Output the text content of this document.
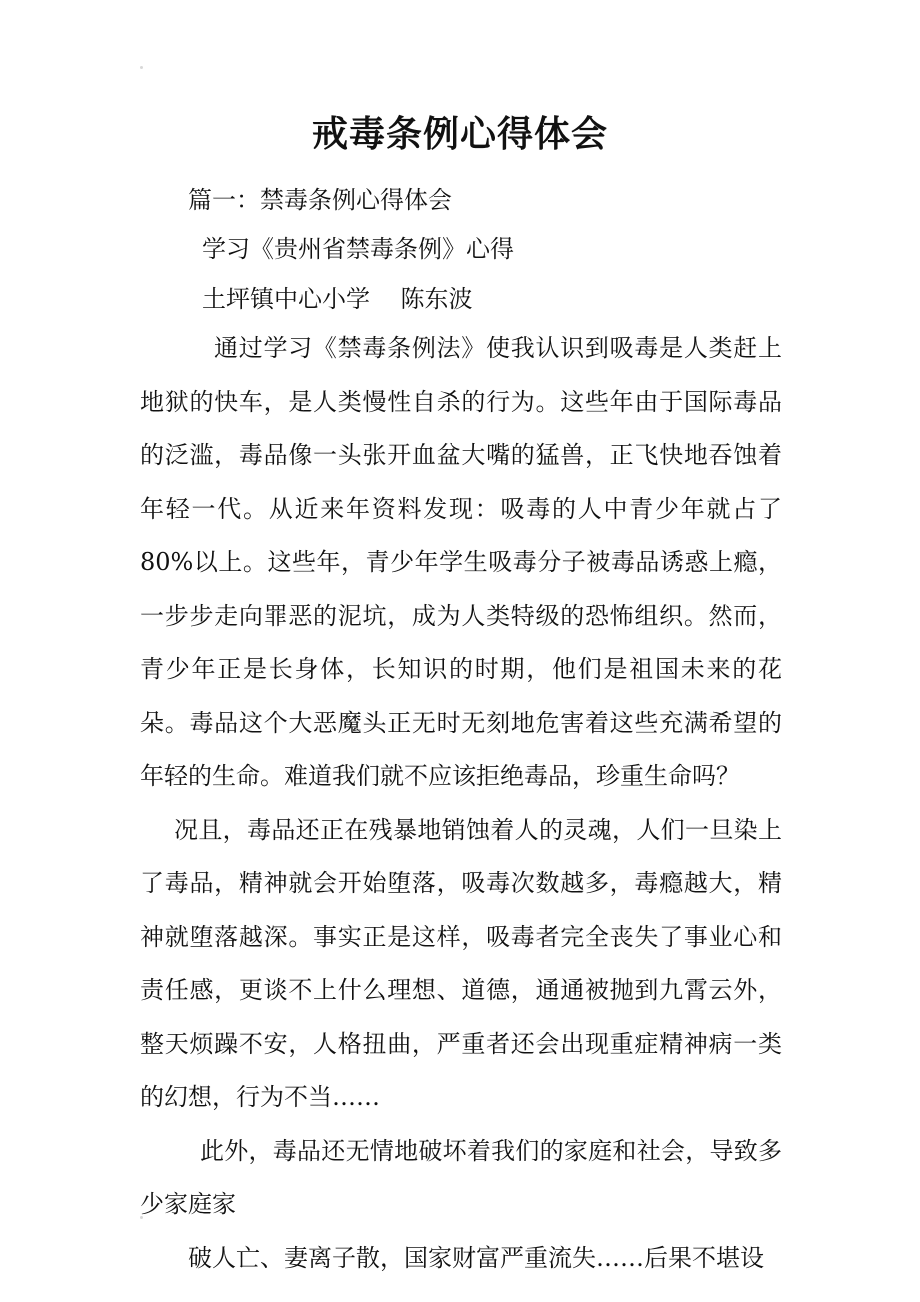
戒毒条例心得体会

篇一：禁毒条例心得体会

学习《贵州省禁毒条例》心得

土坪镇中心小学    陈东波

通过学习《禁毒条例法》使我认识到吸毒是人类赶上地狱的快车，是人类慢性自杀的行为。这些年由于国际毒品的泛滥，毒品像一头张开血盆大嘴的猛兽，正飞快地吞蚀着年轻一代。从近来年资料发现：吸毒的人中青少年就占了 80%以上。这些年，青少年学生吸毒分子被毒品诱惑上瘾，一步步走向罪恶的泥坑，成为人类特级的恐怖组织。然而，青少年正是长身体，长知识的时期，他们是祖国未来的花朵。毒品这个大恶魔头正无时无刻地危害着这些充满希望的年轻的生命。难道我们就不应该拒绝毒品，珍重生命吗？
况且，毒品还正在残暴地销蚀着人的灵魂，人们一旦染上了毒品，精神就会开始堕落，吸毒次数越多，毒瘾越大，精神就堕落越深。事实正是这样，吸毒者完全丧失了事业心和责任感，更谈不上什么理想、道德，通通被抛到九霄云外，整天烦躁不安，人格扭曲，严重者还会出现重症精神病一类的幻想，行为不当……
此外，毒品还无情地破坏着我们的家庭和社会，导致多少家庭家
破人亡、妻离子散，国家财富严重流失……后果不堪设
